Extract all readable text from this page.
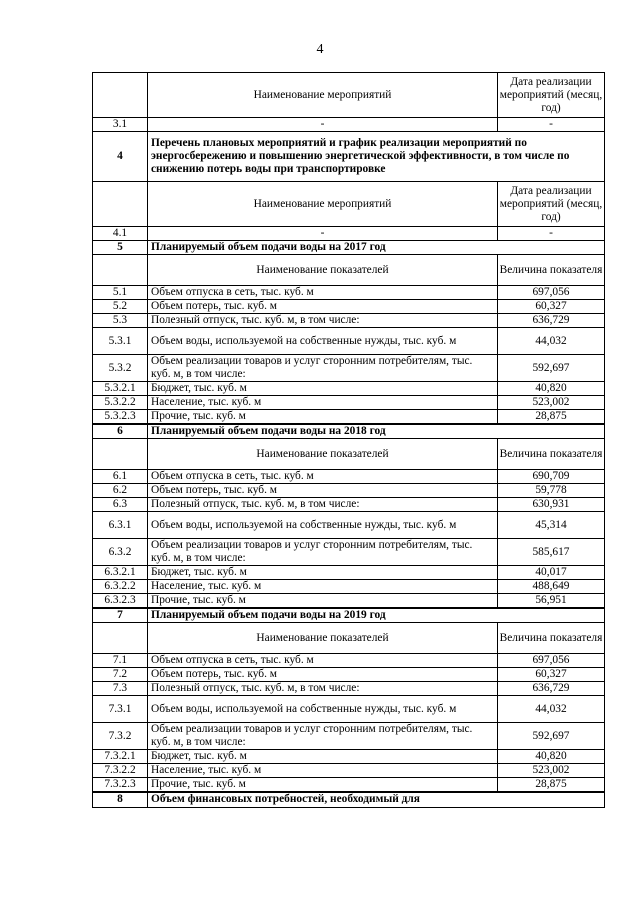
4
	Наименование мероприятий	Дата реализации мероприятий (месяц, год)
3.1	-	-
4	Перечень плановых мероприятий и график реализации мероприятий по энергосбережению и повышению энергетической эффективности, в том числе по снижению потерь воды при транспортировке	
	Наименование мероприятий	Дата реализации мероприятий (месяц, год)
4.1	-	-
5	Планируемый объем подачи воды на 2017 год	
	Наименование показателей	Величина показателя
5.1	Объем отпуска в сеть, тыс. куб. м	697,056
5.2	Объем потерь, тыс. куб. м	60,327
5.3	Полезный отпуск, тыс. куб. м, в том числе:	636,729
5.3.1	Объем воды, используемой на собственные нужды, тыс. куб. м	44,032
5.3.2	Объем реализации товаров и услуг сторонним потребителям, тыс. куб. м, в том числе:	592,697
5.3.2.1	Бюджет, тыс. куб. м	40,820
5.3.2.2	Население, тыс. куб. м	523,002
5.3.2.3	Прочие, тыс. куб. м	28,875
6	Планируемый объем подачи воды на 2018 год	
	Наименование показателей	Величина показателя
6.1	Объем отпуска в сеть, тыс. куб. м	690,709
6.2	Объем потерь, тыс. куб. м	59,778
6.3	Полезный отпуск, тыс. куб. м, в том числе:	630,931
6.3.1	Объем воды, используемой на собственные нужды, тыс. куб. м	45,314
6.3.2	Объем реализации товаров и услуг сторонним потребителям, тыс. куб. м, в том числе:	585,617
6.3.2.1	Бюджет, тыс. куб. м	40,017
6.3.2.2	Население, тыс. куб. м	488,649
6.3.2.3	Прочие, тыс. куб. м	56,951
7	Планируемый объем подачи воды на 2019 год	
	Наименование показателей	Величина показателя
7.1	Объем отпуска в сеть, тыс. куб. м	697,056
7.2	Объем потерь, тыс. куб. м	60,327
7.3	Полезный отпуск, тыс. куб. м, в том числе:	636,729
7.3.1	Объем воды, используемой на собственные нужды, тыс. куб. м	44,032
7.3.2	Объем реализации товаров и услуг сторонним потребителям, тыс. куб. м, в том числе:	592,697
7.3.2.1	Бюджет, тыс. куб. м	40,820
7.3.2.2	Население, тыс. куб. м	523,002
7.3.2.3	Прочие, тыс. куб. м	28,875
8	Объем финансовых потребностей, необходимый для	
